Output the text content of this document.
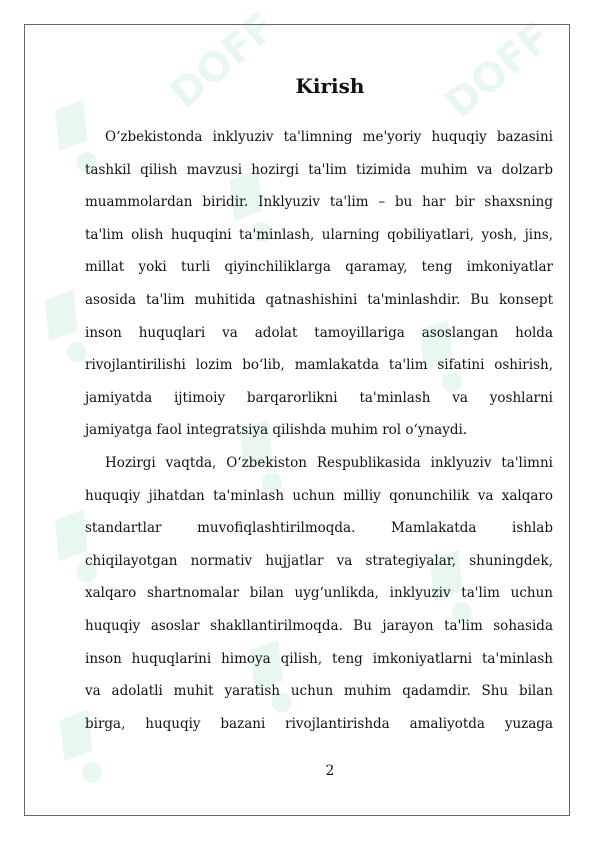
DOFF	DOFF
Kirish

O‘zbekistonda inklyuziv ta'limning me'yoriy huquqiy bazasini
tashkil qilish mavzusi hozirgi ta'lim tizimida muhim va dolzarb
muammolardan biridir. Inklyuziv ta'lim – bu har bir shaxsning
ta'lim olish huquqini ta'minlash, ularning qobiliyatlari, yosh, jins,
millat yoki turli qiyinchiliklarga qaramay, teng imkoniyatlar
asosida ta'lim muhitida qatnashishini ta'minlashdir. Bu konsept
inson huquqlari va adolat tamoyillariga asoslangan holda
rivojlantirilishi lozim bo‘lib, mamlakatda ta'lim sifatini oshirish,
jamiyatda ijtimoiy barqarorlikni ta'minlash va yoshlarni
jamiyatga faol integratsiya qilishda muhim rol o‘ynaydi.

Hozirgi vaqtda, O‘zbekiston Respublikasida inklyuziv ta'limni
huquqiy jihatdan ta'minlash uchun milliy qonunchilik va xalqaro
standartlar muvofiqlashtirilmoqda. Mamlakatda ishlab
chiqilayotgan normativ hujjatlar va strategiyalar, shuningdek,
xalqaro shartnomalar bilan uyg‘unlikda, inklyuziv ta'lim uchun
huquqiy asoslar shakllantirilmoqda. Bu jarayon ta'lim sohasida
inson huquqlarini himoya qilish, teng imkoniyatlarni ta'minlash
va adolatli muhit yaratish uchun muhim qadamdir. Shu bilan
birga, huquqiy bazani rivojlantirishda amaliyotda yuzaga

2
